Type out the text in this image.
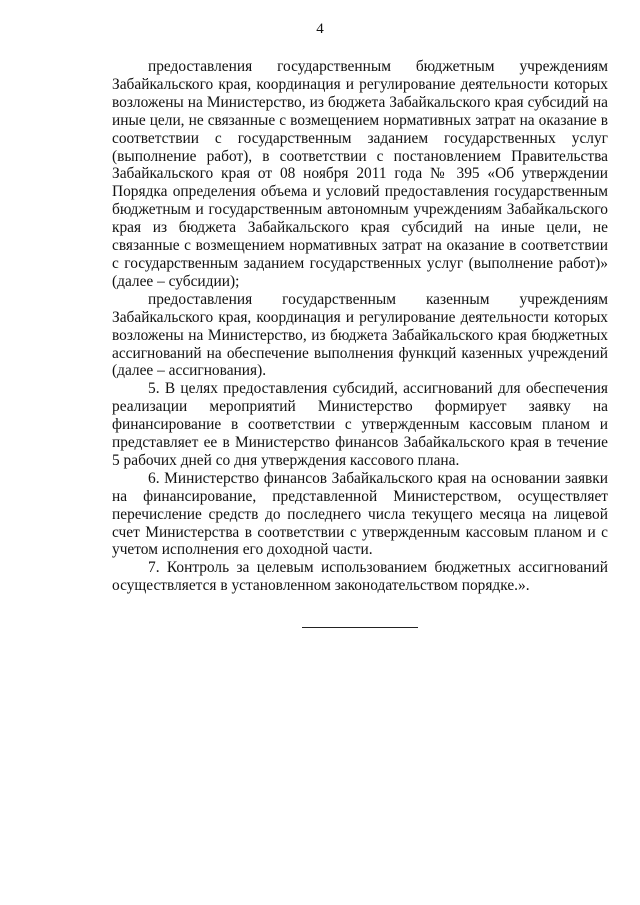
4

предоставления государственным бюджетным учреждениям Забайкальского края, координация и регулирование деятельности которых возложены на Министерство, из бюджета Забайкальского края субсидий на иные цели, не связанные с возмещением нормативных затрат на оказание в соответствии с государственным заданием государственных услуг (выполнение работ), в соответствии с постановлением Правительства Забайкальского края от 08 ноября 2011 года № 395 «Об утверждении Порядка определения объема и условий предоставления государственным бюджетным и государственным автономным учреждениям Забайкальского края из бюджета Забайкальского края субсидий на иные цели, не связанные с возмещением нормативных затрат на оказание в соответствии с государственным заданием государственных услуг (выполнение работ)» (далее – субсидии);

предоставления государственным казенным учреждениям Забайкальского края, координация и регулирование деятельности которых возложены на Министерство, из бюджета Забайкальского края бюджетных ассигнований на обеспечение выполнения функций казенных учреждений (далее – ассигнования).

5. В целях предоставления субсидий, ассигнований для обеспечения реализации мероприятий Министерство формирует заявку на финансирование в соответствии с утвержденным кассовым планом и представляет ее в Министерство финансов Забайкальского края в течение 5 рабочих дней со дня утверждения кассового плана.

6. Министерство финансов Забайкальского края на основании заявки на финансирование, представленной Министерством, осуществляет перечисление средств до последнего числа текущего месяца на лицевой счет Министерства в соответствии с утвержденным кассовым планом и с учетом исполнения его доходной части.

7. Контроль за целевым использованием бюджетных ассигнований осуществляется в установленном законодательством порядке.».
